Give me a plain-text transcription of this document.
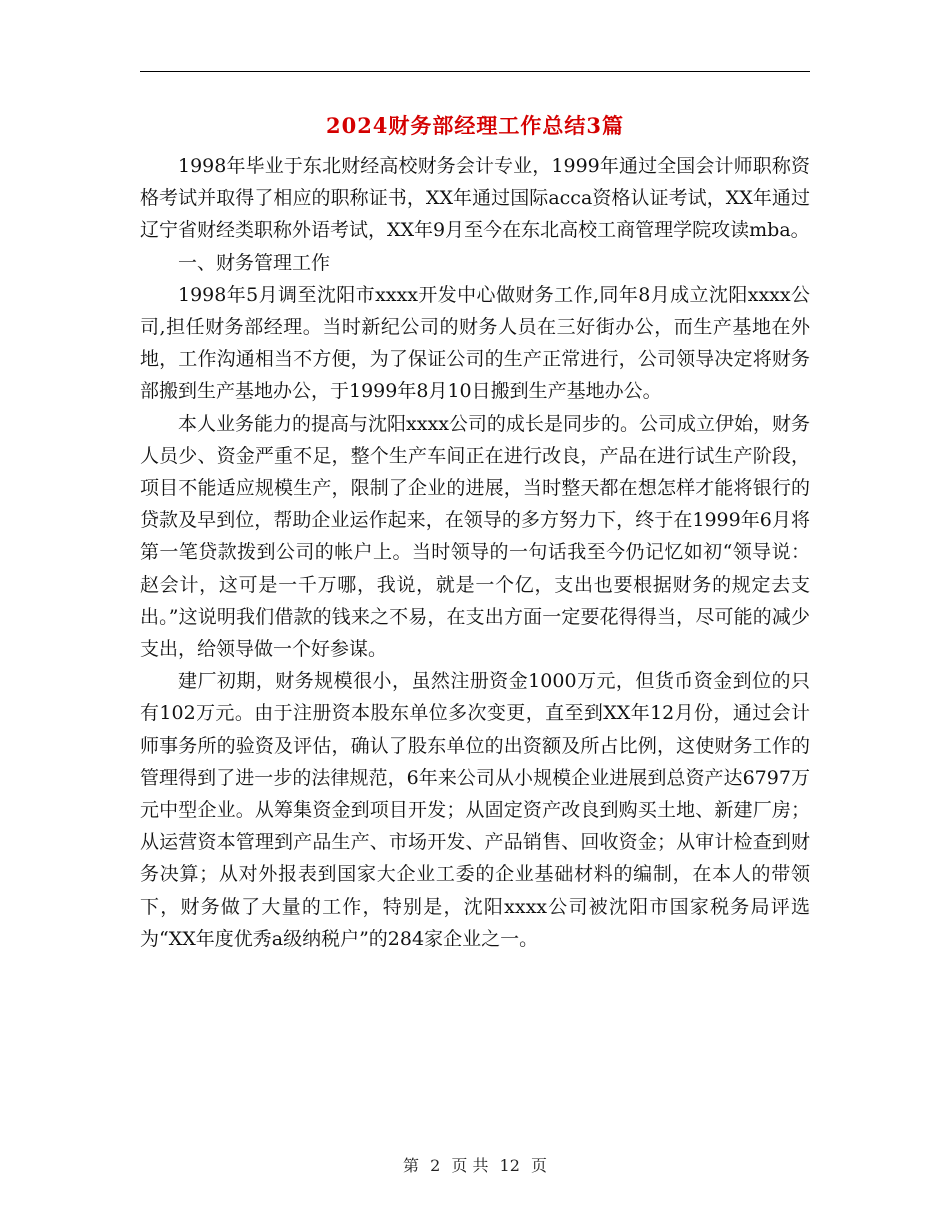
2024财务部经理工作总结3篇

1998年毕业于东北财经高校财务会计专业，1999年通过全国会计师职称资格考试并取得了相应的职称证书，XX年通过国际acca资格认证考试，XX年通过辽宁省财经类职称外语考试，XX年9月至今在东北高校工商管理学院攻读mba。

一、财务管理工作

1998年5月调至沈阳市xxxx开发中心做财务工作,同年8月成立沈阳xxxx公司,担任财务部经理。当时新纪公司的财务人员在三好街办公，而生产基地在外地，工作沟通相当不方便，为了保证公司的生产正常进行，公司领导决定将财务部搬到生产基地办公，于1999年8月10日搬到生产基地办公。

本人业务能力的提高与沈阳xxxx公司的成长是同步的。公司成立伊始，财务人员少、资金严重不足，整个生产车间正在进行改良，产品在进行试生产阶段，项目不能适应规模生产，限制了企业的进展，当时整天都在想怎样才能将银行的贷款及早到位，帮助企业运作起来，在领导的多方努力下，终于在1999年6月将第一笔贷款拨到公司的帐户上。当时领导的一句话我至今仍记忆如初“领导说：赵会计，这可是一千万哪，我说，就是一个亿，支出也要根据财务的规定去支出。”这说明我们借款的钱来之不易，在支出方面一定要花得得当，尽可能的减少支出，给领导做一个好参谋。

建厂初期，财务规模很小，虽然注册资金1000万元，但货币资金到位的只有102万元。由于注册资本股东单位多次变更，直至到XX年12月份，通过会计师事务所的验资及评估，确认了股东单位的出资额及所占比例，这使财务工作的管理得到了进一步的法律规范，6年来公司从小规模企业进展到总资产达6797万元中型企业。从筹集资金到项目开发；从固定资产改良到购买土地、新建厂房；从运营资本管理到产品生产、市场开发、产品销售、回收资金；从审计检查到财务决算；从对外报表到国家大企业工委的企业基础材料的编制，在本人的带领下，财务做了大量的工作，特别是，沈阳xxxx公司被沈阳市国家税务局评选为“XX年度优秀a级纳税户”的284家企业之一。

第 2 页 共 12 页
